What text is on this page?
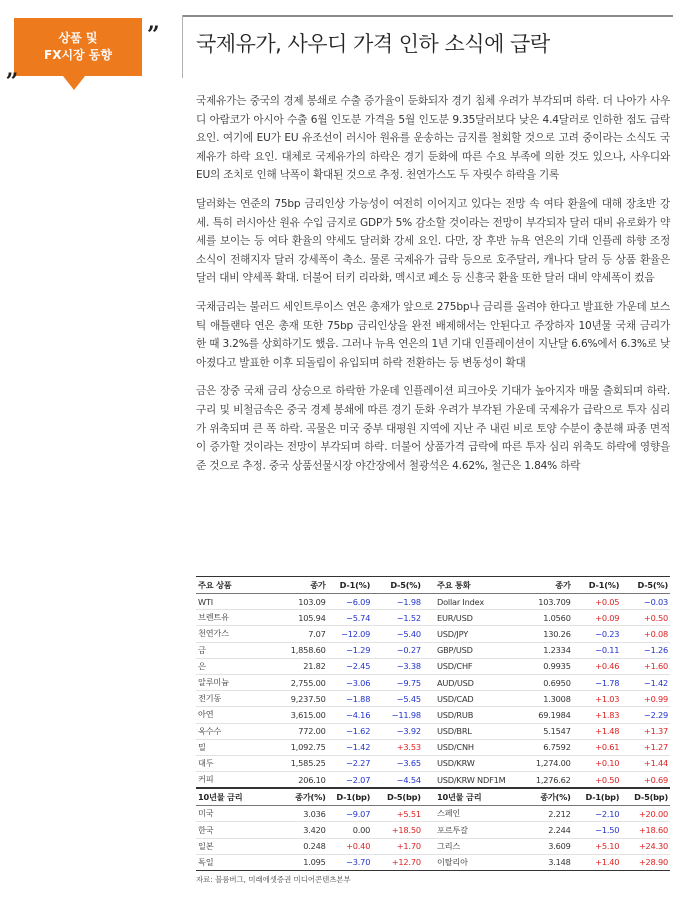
상품 및
FX시장 동향
„
” 국제유가, 사우디 가격 인하 소식에 급락

국제유가는 중국의 경제 봉쇄로 수출 증가율이 둔화되자 경기 침체 우려가 부각되며 하락. 더 나아가 사우디 아람코가 아시아 수출 6월 인도분 가격을 5월 인도분 9.35달러보다 낮은 4.4달러로 인하한 점도 급락 요인. 여기에 EU가 EU 유조선이 러시아 원유를 운송하는 금지를 철회할 것으로 고려 중이라는 소식도 국제유가 하락 요인. 대체로 국제유가의 하락은 경기 둔화에 따른 수요 부족에 의한 것도 있으나, 사우디와 EU의 조치로 인해 낙폭이 확대된 것으로 추정. 천연가스도 두 자릿수 하락을 기록

달러화는 연준의 75bp 금리인상 가능성이 여전히 이어지고 있다는 전망 속 여타 환율에 대해 장초반 강세. 특히 러시아산 원유 수입 금지로 GDP가 5% 감소할 것이라는 전망이 부각되자 달러 대비 유로화가 약세를 보이는 등 여타 환율의 약세도 달러화 강세 요인. 다만, 장 후반 뉴욕 연은의 기대 인플레 하향 조정 소식이 전해지자 달러 강세폭이 축소. 물론 국제유가 급락 등으로 호주달러, 캐나다 달러 등 상품 환율은 달러 대비 약세폭 확대. 더불어 터키 리라화, 멕시코 페소 등 신흥국 환율 또한 달러 대비 약세폭이 컸음

국채금리는 불러드 세인트루이스 연은 총재가 앞으로 275bp나 금리를 올려야 한다고 발표한 가운데 보스틱 애틀랜타 연은 총재 또한 75bp 금리인상을 완전 배제해서는 안된다고 주장하자 10년물 국채 금리가 한 때 3.2%를 상회하기도 했음. 그러나 뉴욕 연은의 1년 기대 인플레이션이 지난달 6.6%에서 6.3%로 낮아졌다고 발표한 이후 되돌림이 유입되며 하락 전환하는 등 변동성이 확대

금은 장중 국채 금리 상승으로 하락한 가운데 인플레이션 피크아웃 기대가 높아지자 매물 출회되며 하락. 구리 및 비철금속은 중국 경제 봉쇄에 따른 경기 둔화 우려가 부각된 가운데 국제유가 급락으로 투자 심리가 위축되며 큰 폭 하락. 곡물은 미국 중부 대평원 지역에 지난 주 내린 비로 토양 수분이 충분해 파종 면적이 증가할 것이라는 전망이 부각되며 하락. 더불어 상품가격 급락에 따른 투자 심리 위축도 하락에 영향을 준 것으로 추정. 중국 상품선물시장 야간장에서 철광석은 4.62%, 철근은 1.84% 하락

주요 상품	종가	D-1(%)	D-5(%)		주요 통화	종가	D-1(%)	D-5(%)
WTI	103.09	−6.09	−1.98		Dollar Index	103.709	+0.05	−0.03
브렌트유	105.94	−5.74	−1.52		EUR/USD	1.0560	+0.09	+0.50
천연가스	7.07	−12.09	−5.40		USD/JPY	130.26	−0.23	+0.08
금	1,858.60	−1.29	−0.27		GBP/USD	1.2334	−0.11	−1.26
은	21.82	−2.45	−3.38		USD/CHF	0.9935	+0.46	+1.60
알루미늄	2,755.00	−3.06	−9.75		AUD/USD	0.6950	−1.78	−1.42
전기동	9,237.50	−1.88	−5.45		USD/CAD	1.3008	+1.03	+0.99
아연	3,615.00	−4.16	−11.98		USD/RUB	69.1984	+1.83	−2.29
옥수수	772.00	−1.62	−3.92		USD/BRL	5.1547	+1.48	+1.37
밀	1,092.75	−1.42	+3.53		USD/CNH	6.7592	+0.61	+1.27
대두	1,585.25	−2.27	−3.65		USD/KRW	1,274.00	+0.10	+1.44
커피	206.10	−2.07	−4.54		USD/KRW NDF1M	1,276.62	+0.50	+0.69
10년물 금리	종가(%)	D-1(bp)	D-5(bp)		10년물 금리	종가(%)	D-1(bp)	D-5(bp)
미국	3.036	−9.07	+5.51		스페인	2.212	−2.10	+20.00
한국	3.420	0.00	+18.50		포르투갈	2.244	−1.50	+18.60
일본	0.248	+0.40	+1.70		그리스	3.609	+5.10	+24.30
독일	1.095	−3.70	+12.70		이탈리아	3.148	+1.40	+28.90
자료: 블룸버그, 미래에셋증권 미디어콘텐츠본부
